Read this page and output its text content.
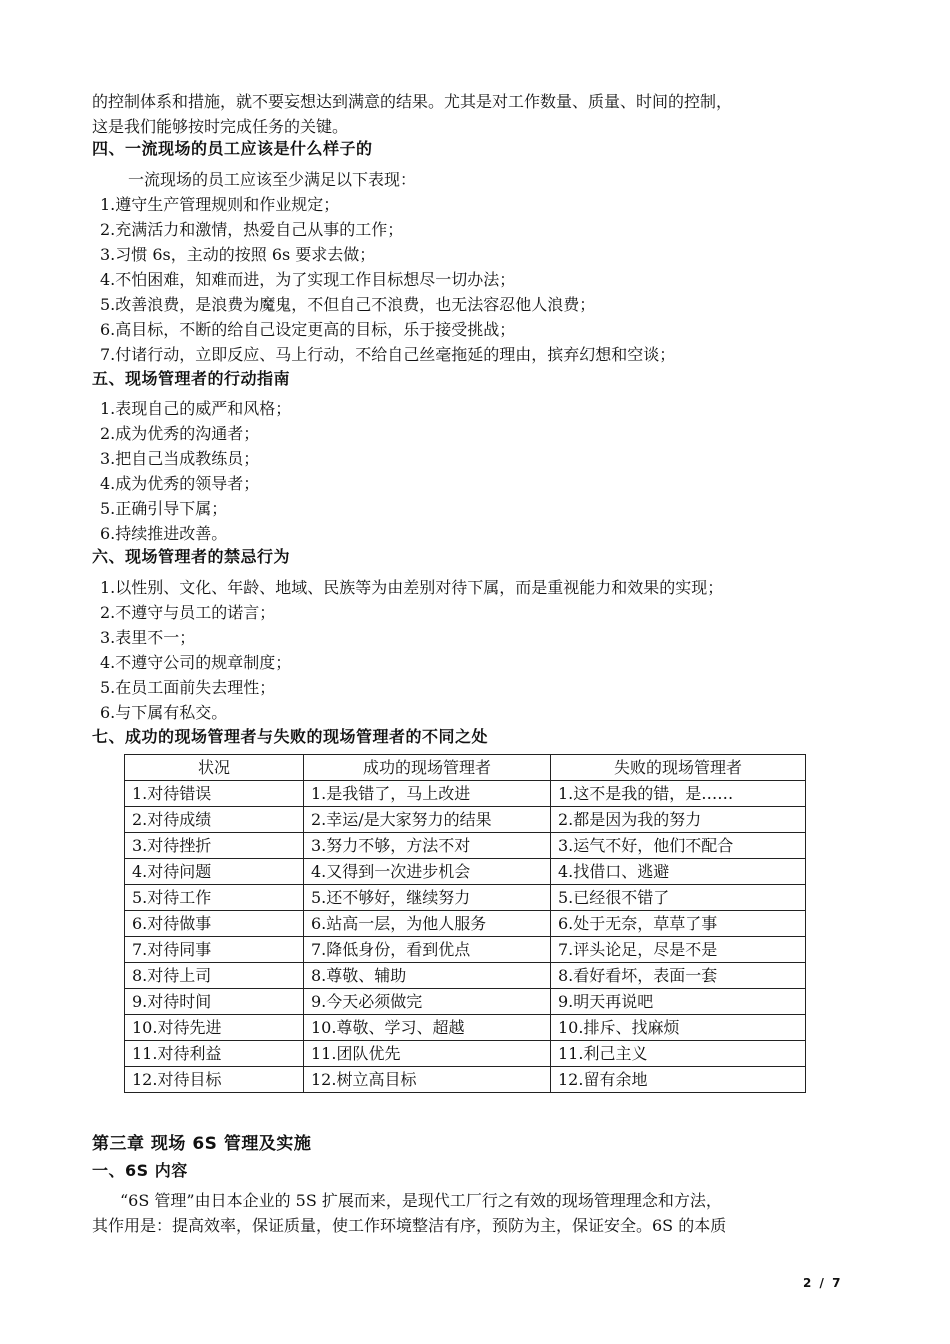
的控制体系和措施，就不要妄想达到满意的结果。尤其是对工作数量、质量、时间的控制，
这是我们能够按时完成任务的关键。
四、一流现场的员工应该是什么样子的
一流现场的员工应该至少满足以下表现：
1.遵守生产管理规则和作业规定；
2.充满活力和激情，热爱自己从事的工作；
3.习惯 6s，主动的按照 6s 要求去做；
4.不怕困难，知难而进，为了实现工作目标想尽一切办法；
5.改善浪费，是浪费为魔鬼，不但自己不浪费，也无法容忍他人浪费；
6.高目标，不断的给自己设定更高的目标，乐于接受挑战；
7.付诸行动，立即反应、马上行动，不给自己丝毫拖延的理由，摈弃幻想和空谈；
五、现场管理者的行动指南
1.表现自己的威严和风格；
2.成为优秀的沟通者；
3.把自己当成教练员；
4.成为优秀的领导者；
5.正确引导下属；
6.持续推进改善。
六、现场管理者的禁忌行为
1.以性别、文化、年龄、地域、民族等为由差别对待下属，而是重视能力和效果的实现；
2.不遵守与员工的诺言；
3.表里不一；
4.不遵守公司的规章制度；
5.在员工面前失去理性；
6.与下属有私交。
七、成功的现场管理者与失败的现场管理者的不同之处
状况	成功的现场管理者	失败的现场管理者
1.对待错误	1.是我错了，马上改进	1.这不是我的错，是……
2.对待成绩	2.幸运/是大家努力的结果	2.都是因为我的努力
3.对待挫折	3.努力不够，方法不对	3.运气不好，他们不配合
4.对待问题	4.又得到一次进步机会	4.找借口、逃避
5.对待工作	5.还不够好，继续努力	5.已经很不错了
6.对待做事	6.站高一层，为他人服务	6.处于无奈，草草了事
7.对待同事	7.降低身份，看到优点	7.评头论足，尽是不是
8.对待上司	8.尊敬、辅助	8.看好看坏，表面一套
9.对待时间	9.今天必须做完	9.明天再说吧
10.对待先进	10.尊敬、学习、超越	10.排斥、找麻烦
11.对待利益	11.团队优先	11.利己主义
12.对待目标	12.树立高目标	12.留有余地
第三章 现场 6S 管理及实施
一、6S 内容
“6S 管理”由日本企业的 5S 扩展而来，是现代工厂行之有效的现场管理理念和方法，
其作用是：提高效率，保证质量，使工作环境整洁有序，预防为主，保证安全。6S 的本质
2 / 7
